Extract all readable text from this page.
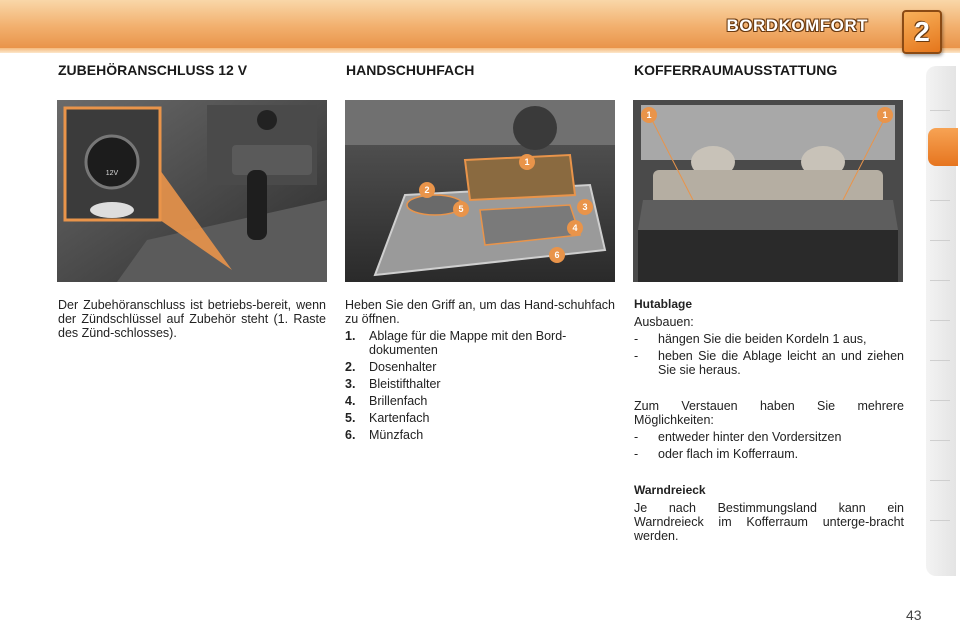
BORDKOMFORT	2
ZUBEHÖRANSCHLUSS 12 V	HANDSCHUHFACH	KOFFERRAUMAUSSTATTUNG
12V
1
2
3
4
5
6
1	1
Der Zubehöranschluss ist betriebs-bereit, wenn der Zündschlüssel auf Zubehör steht (1. Raste des Zünd-schlosses).
Heben Sie den Griff an, um das Hand-schuhfach zu öffnen.
1.	Ablage für die Mappe mit den Bord-dokumenten
2.	Dosenhalter
3.	Bleistifthalter
4.	Brillenfach
5.	Kartenfach
6.	Münzfach
Hutablage
Ausbauen:
-	hängen Sie die beiden Kordeln 1 aus,
-	heben Sie die Ablage leicht an und ziehen Sie sie heraus.
Zum Verstauen haben Sie mehrere Möglichkeiten:
-	entweder hinter den Vordersitzen
-	oder flach im Kofferraum.
Warndreieck
Je nach Bestimmungsland kann ein Warndreieck im Kofferraum unterge-bracht werden.
43
